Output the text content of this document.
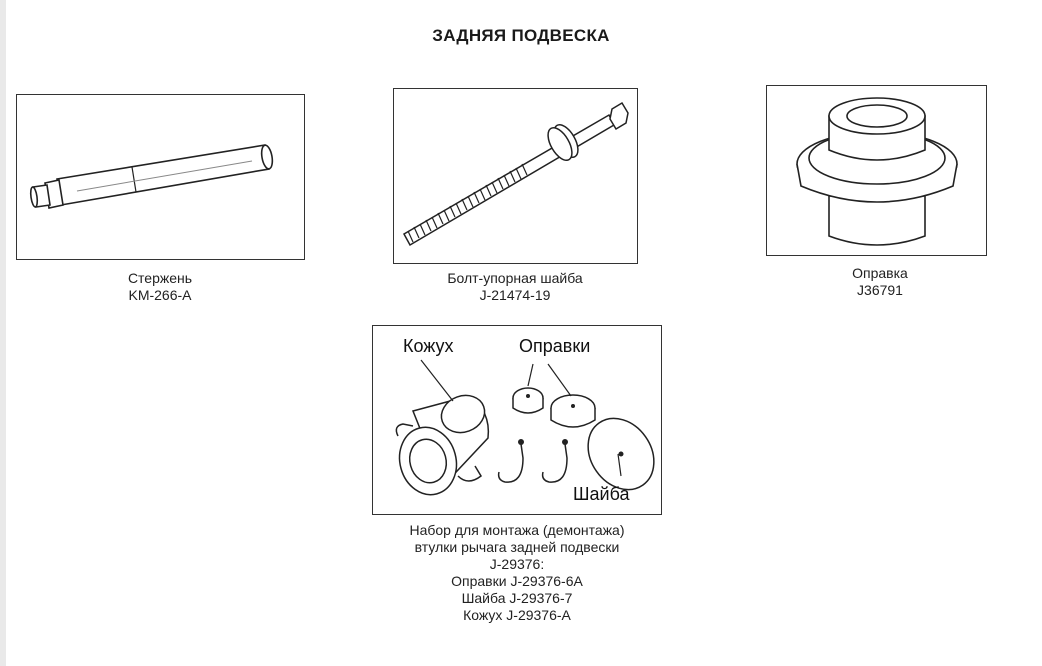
ЗАДНЯЯ ПОДВЕСКА
Стержень
KM-266-A
Болт-упорная шайба
J-21474-19
Оправка
J36791
Кожух	Оправки
Шайба
Набор для монтажа (демонтажа)
втулки рычага задней подвески
J-29376:
Оправки J-29376-6A
Шайба J-29376-7
Кожух J-29376-A
